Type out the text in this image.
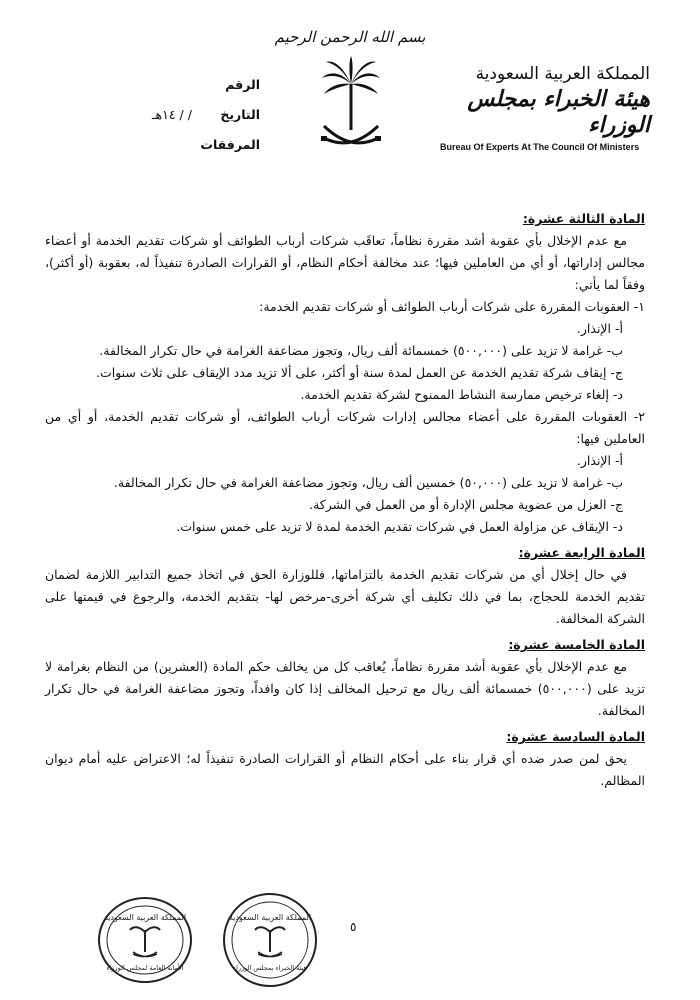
بسم الله الرحمن الرحيم
الرقم
التاريخ / / ١٤هـ
المرفقات
المملكة العربية السعودية
هيئة الخبراء بمجلس الوزراء
Bureau Of Experts At The Council Of Ministers
المادة الثالثة عشرة:
مع عدم الإخلال بأي عقوبة أشد مقررة نظاماً، تعاقَب شركات أرباب الطوائف أو شركات تقديم الخدمة أو أعضاء مجالس إداراتها، أو أي من العاملين فيها؛ عند مخالفة أحكام النظام، أو القرارات الصادرة تنفيذاً له، بعقوبة (أو أكثر)، وفقاً لما يأتي:
١- العقوبات المقررة على شركات أرباب الطوائف أو شركات تقديم الخدمة:
أ- الإنذار.
ب- غرامة لا تزيد على (٥٠٠,٠٠٠) خمسمائة ألف ريال، وتجوز مضاعفة الغرامة في حال تكرار المخالفة.
ج- إيقاف شركة تقديم الخدمة عن العمل لمدة سنة أو أكثر، على ألا تزيد مدد الإيقاف على ثلاث سنوات.
د- إلغاء ترخيص ممارسة النشاط الممنوح لشركة تقديم الخدمة.
٢- العقوبات المقررة على أعضاء مجالس إدارات شركات أرباب الطوائف، أو شركات تقديم الخدمة، أو أي من العاملين فيها:
أ- الإنذار.
ب- غرامة لا تزيد على (٥٠,٠٠٠) خمسين ألف ريال، وتجوز مضاعفة الغرامة في حال تكرار المخالفة.
ج- العزل من عضوية مجلس الإدارة أو من العمل في الشركة.
د- الإيقاف عن مزاولة العمل في شركات تقديم الخدمة لمدة لا تزيد على خمس سنوات.
المادة الرابعة عشرة:
في حال إخلال أي من شركات تقديم الخدمة بالتزاماتها، فللوزارة الحق في اتخاذ جميع التدابير اللازمة لضمان تقديم الخدمة للحجاج، بما في ذلك تكليف أي شركة أخرى-مرخص لها- بتقديم الخدمة، والرجوع في قيمتها على الشركة المخالفة.
المادة الخامسة عشرة:
مع عدم الإخلال بأي عقوبة أشد مقررة نظاماً، يُعاقب كل من يخالف حكم المادة (العشرين) من النظام بغرامة لا تزيد على (٥٠٠,٠٠٠) خمسمائة ألف ريال مع ترحيل المخالف إذا كان وافداً، وتجوز مضاعفة الغرامة في حال تكرار المخالفة.
المادة السادسة عشرة:
يحق لمن صدر ضده أي قرار بناء على أحكام النظام أو القرارات الصادرة تنفيذاً له؛ الاعتراض عليه أمام ديوان المظالم.
المملكة العربية السعودية
الأمانة العامة لمجلس الوزراء
المملكة العربية السعودية
هيئة الخبراء بمجلس الوزراء
٥
